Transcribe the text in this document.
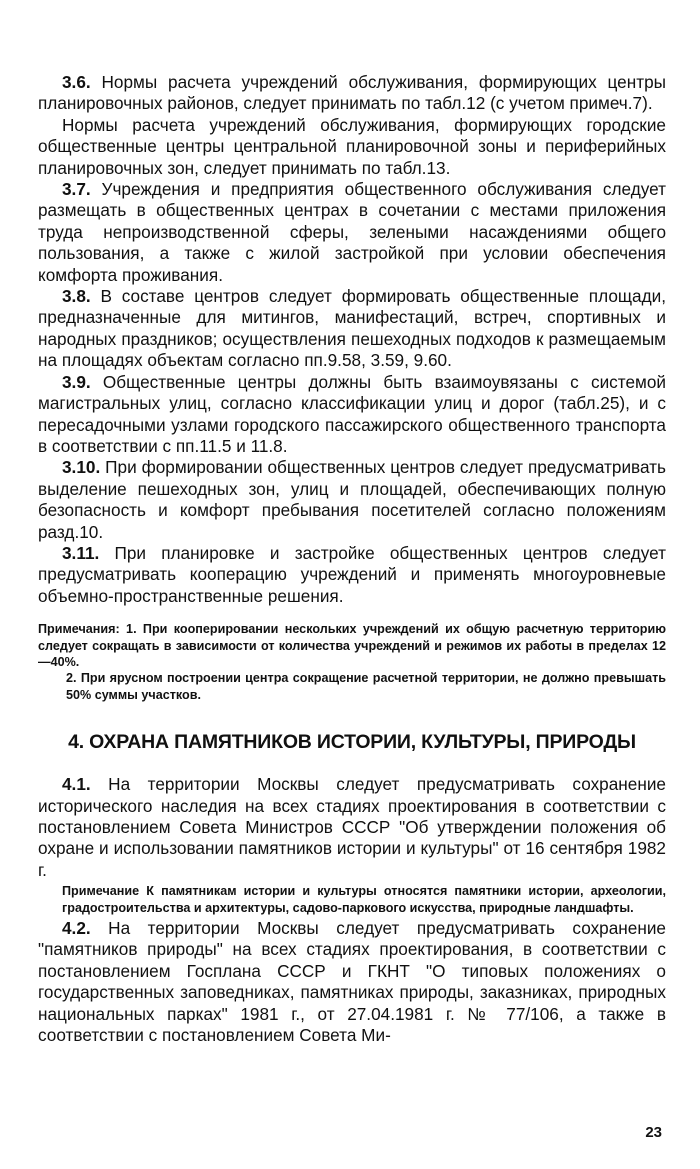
3.6. Нормы расчета учреждений обслуживания, формирующих центры планировочных районов, следует принимать по табл.12 (с учетом примеч.7).

Нормы расчета учреждений обслуживания, формирующих городские общественные центры центральной планировочной зоны и периферийных планировочных зон, следует принимать по табл.13.

3.7. Учреждения и предприятия общественного обслуживания следует размещать в общественных центрах в сочетании с местами приложения труда непроизводственной сферы, зелеными насаждениями общего пользования, а также с жилой застройкой при условии обеспечения комфорта проживания.

3.8. В составе центров следует формировать общественные площади, предназначенные для митингов, манифестаций, встреч, спортивных и народных праздников; осуществления пешеходных подходов к размещаемым на площадях объектам согласно пп.9.58, 3.59, 9.60.

3.9. Общественные центры должны быть взаимоувязаны с системой магистральных улиц, согласно классификации улиц и дорог (табл.25), и с пересадочными узлами городского пассажирского общественного транспорта в соответствии с пп.11.5 и 11.8.

3.10. При формировании общественных центров следует предусматривать выделение пешеходных зон, улиц и площадей, обеспечивающих полную безопасность и комфорт пребывания посетителей согласно положениям разд.10.

3.11. При планировке и застройке общественных центров следует предусматривать кооперацию учреждений и применять многоуровневые объемно-пространственные решения.

Примечания: 1. При кооперировании нескольких учреждений их общую расчетную территорию следует сокращать в зависимости от количества учреждений и режимов их работы в пределах 12—40%.
2. При ярусном построении центра сокращение расчетной территории, не должно превышать 50% суммы участков.
4. ОХРАНА ПАМЯТНИКОВ ИСТОРИИ, КУЛЬТУРЫ, ПРИРОДЫ

4.1. На территории Москвы следует предусматривать сохранение исторического наследия на всех стадиях проектирования в соответствии с постановлением Совета Министров СССР "Об утверждении положения об охране и использовании памятников истории и культуры" от 16 сентября 1982 г.

Примечание К памятникам истории и культуры относятся памятники истории, археологии, градостроительства и архитектуры, садово-паркового искусства, природные ландшафты.

4.2. На территории Москвы следует предусматривать сохранение "памятников природы" на всех стадиях проектирования, в соответствии с постановлением Госплана СССР и ГКНТ "О типовых положениях о государственных заповедниках, памятниках природы, заказниках, природных национальных парках" 1981 г., от 27.04.1981 г. № 77/106, а также в соответствии с постановлением Совета Ми-

23
